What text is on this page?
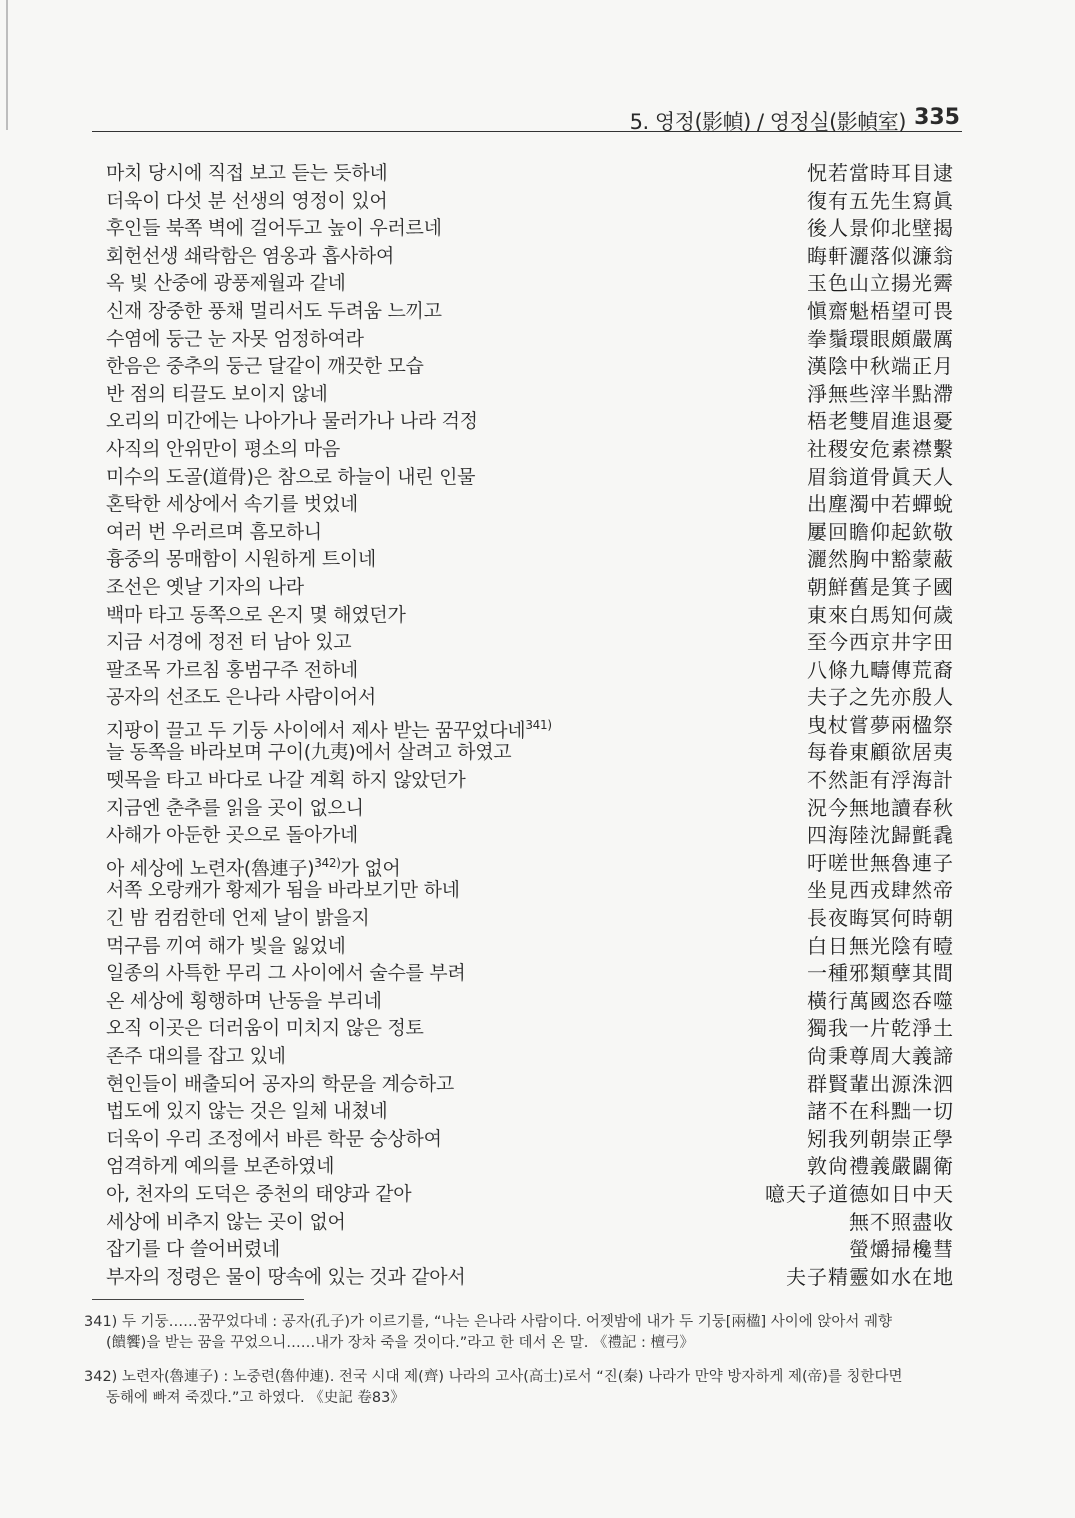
5. 영정(影幀) / 영정실(影幀室) 335
마치 당시에 직접 보고 듣는 듯하네	怳若當時耳目逮
더욱이 다섯 분 선생의 영정이 있어	復有五先生寫眞
후인들 북쪽 벽에 걸어두고 높이 우러르네	後人景仰北壁揭
회헌선생 쇄락함은 염옹과 흡사하여	晦軒灑落似濂翁
옥 빛 산중에 광풍제월과 같네	玉色山立揚光霽
신재 장중한 풍채 멀리서도 두려움 느끼고	愼齋魁梧望可畏
수염에 둥근 눈 자못 엄정하여라	拳鬚環眼頗嚴厲
한음은 중추의 둥근 달같이 깨끗한 모습	漢陰中秋端正月
반 점의 티끌도 보이지 않네	淨無些滓半點滯
오리의 미간에는 나아가나 물러가나 나라 걱정	梧老雙眉進退憂
사직의 안위만이 평소의 마음	社稷安危素襟繫
미수의 도골(道骨)은 참으로 하늘이 내린 인물	眉翁道骨眞天人
혼탁한 세상에서 속기를 벗었네	出塵濁中若蟬蛻
여러 번 우러르며 흠모하니	屢回瞻仰起欽敬
흉중의 몽매함이 시원하게 트이네	灑然胸中豁蒙蔽
조선은 옛날 기자의 나라	朝鮮舊是箕子國
백마 타고 동쪽으로 온지 몇 해였던가	東來白馬知何歲
지금 서경에 정전 터 남아 있고	至今西京井字田
팔조목 가르침 홍범구주 전하네	八條九疇傳荒裔
공자의 선조도 은나라 사람이어서	夫子之先亦殷人
지팡이 끌고 두 기둥 사이에서 제사 받는 꿈꾸었다네$^{341)}$	曳杖嘗夢兩楹祭
늘 동쪽을 바라보며 구이(九夷)에서 살려고 하였고	每眷東顧欲居夷
뗏목을 타고 바다로 나갈 계획 하지 않았던가	不然詎有浮海計
지금엔 춘추를 읽을 곳이 없으니	況今無地讀春秋
사해가 아둔한 곳으로 돌아가네	四海陸沈歸氈毳
아 세상에 노련자(魯連子)$^{342)}$가 없어	吁嗟世無魯連子
서쪽 오랑캐가 황제가 됨을 바라보기만 하네	坐見西戎肆然帝
긴 밤 컴컴한데 언제 날이 밝을지	長夜晦冥何時朝
먹구름 끼여 해가 빛을 잃었네	白日無光陰有曀
일종의 사특한 무리 그 사이에서 술수를 부려	一種邪類孽其間
온 세상에 횡행하며 난동을 부리네	橫行萬國恣呑噬
오직 이곳은 더러움이 미치지 않은 정토	獨我一片乾淨土
존주 대의를 잡고 있네	尙秉尊周大義諦
현인들이 배출되어 공자의 학문을 계승하고	群賢輩出源洙泗
법도에 있지 않는 것은 일체 내쳤네	諸不在科黜一切
더욱이 우리 조정에서 바른 학문 숭상하여	矧我列朝崇正學
엄격하게 예의를 보존하였네	敦尙禮義嚴闢衛
아, 천자의 도덕은 중천의 태양과 같아	噫天子道德如日中天
세상에 비추지 않는 곳이 없어	無不照盡收
잡기를 다 쓸어버렸네	螢爝掃欃彗
부자의 정령은 물이 땅속에 있는 것과 같아서	夫子精靈如水在地
341) 두 기둥……꿈꾸었다네 : 공자(孔子)가 이르기를, “나는 은나라 사람이다. 어젯밤에 내가 두 기둥[兩楹] 사이에 앉아서 궤향
(饋饗)을 받는 꿈을 꾸었으니……내가 장차 죽을 것이다.”라고 한 데서 온 말. 《禮記 : 檀弓》
342) 노련자(魯連子) : 노중련(魯仲連). 전국 시대 제(齊) 나라의 고사(高士)로서 “진(秦) 나라가 만약 방자하게 제(帝)를 칭한다면
동해에 빠져 죽겠다.”고 하였다. 《史記 卷83》
